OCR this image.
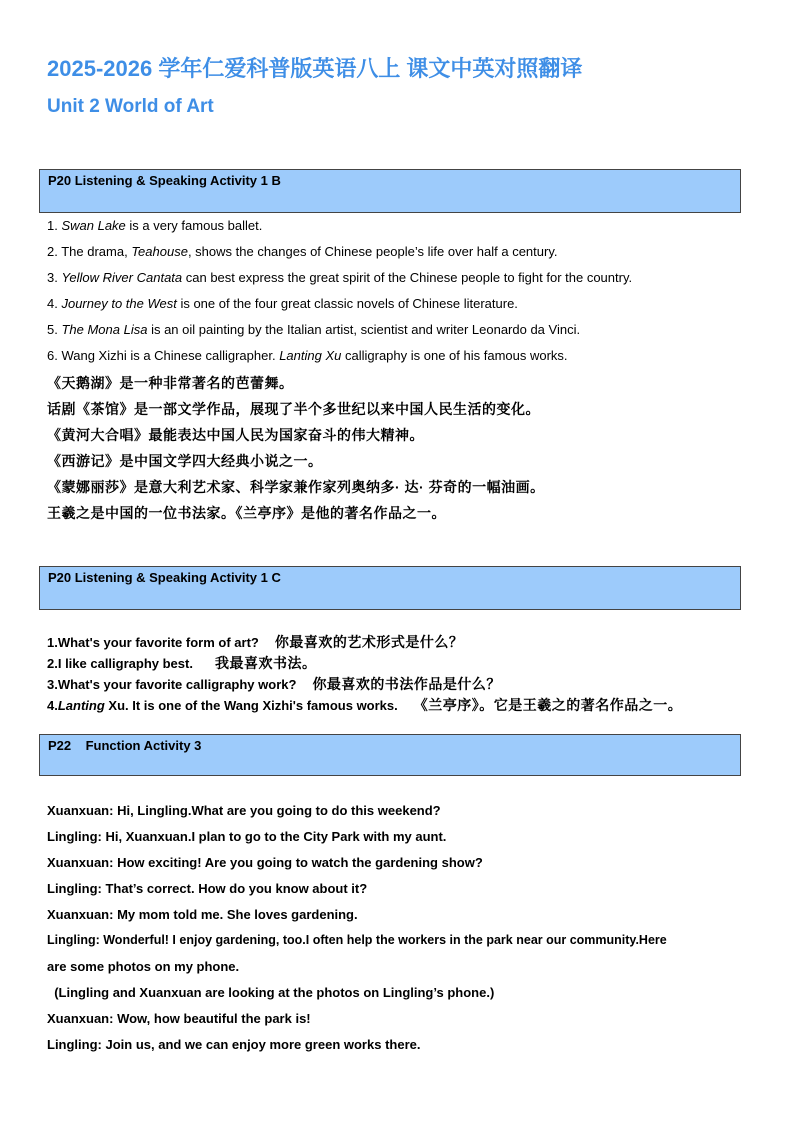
2025-2026 学年仁爱科普版英语八上 课文中英对照翻译
Unit 2 World of Art
P20 Listening & Speaking Activity 1 B
1. Swan Lake is a very famous ballet.
2. The drama, Teahouse, shows the changes of Chinese people’s life over half a century.
3. Yellow River Cantata can best express the great spirit of the Chinese people to fight for the country.
4. Journey to the West is one of the four great classic novels of Chinese literature.
5. The Mona Lisa is an oil painting by the Italian artist, scientist and writer Leonardo da Vinci.
6. Wang Xizhi is a Chinese calligrapher. Lanting Xu calligraphy is one of his famous works.
《天鹅湖》是一种非常著名的芭蕾舞。
话剧《茶馆》是一部文学作品，展现了半个多世纪以来中国人民生活的变化。
《黄河大合唱》最能表达中国人民为国家奋斗的伟大精神。
《西游记》是中国文学四大经典小说之一。
《蒙娜丽莎》是意大利艺术家、科学家兼作家列奥纳多· 达· 芬奇的一幅油画。
王羲之是中国的一位书法家。《兰亭序》是他的著名作品之一。
P20 Listening & Speaking Activity 1 C
1.What's your favorite form of art? 你最喜欢的艺术形式是什么？
2.I like calligraphy best. 我最喜欢书法。
3.What's your favorite calligraphy work? 你最喜欢的书法作品是什么？
4.Lanting Xu. It is one of the Wang Xizhi's famous works. 《兰亭序》。它是王羲之的著名作品之一。
P22    Function Activity 3
Xuanxuan: Hi, Lingling.What are you going to do this weekend?
Lingling: Hi, Xuanxuan.I plan to go to the City Park with my aunt.
Xuanxuan: How exciting! Are you going to watch the gardening show?
Lingling: That’s correct. How do you know about it?
Xuanxuan: My mom told me. She loves gardening.
Lingling: Wonderful! I enjoy gardening, too.I often help the workers in the park near our community.Here
are some photos on my phone.
(Lingling and Xuanxuan are looking at the photos on Lingling’s phone.)
Xuanxuan: Wow, how beautiful the park is!
Lingling: Join us, and we can enjoy more green works there.
